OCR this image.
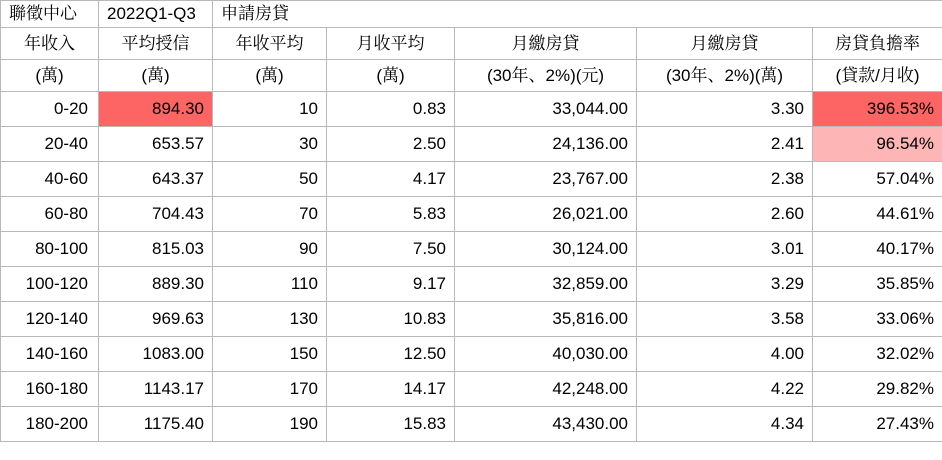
聯徵中心	2022Q1-Q3	申請房貸				
年收入	平均授信	年收平均	月收平均	月繳房貸	月繳房貸	房貸負擔率
(萬)	(萬)	(萬)	(萬)	(30年、2%)(元)	(30年、2%)(萬)	(貸款/月收)
0-20	894.30	10	0.83	33,044.00	3.30	396.53%
20-40	653.57	30	2.50	24,136.00	2.41	96.54%
40-60	643.37	50	4.17	23,767.00	2.38	57.04%
60-80	704.43	70	5.83	26,021.00	2.60	44.61%
80-100	815.03	90	7.50	30,124.00	3.01	40.17%
100-120	889.30	110	9.17	32,859.00	3.29	35.85%
120-140	969.63	130	10.83	35,816.00	3.58	33.06%
140-160	1083.00	150	12.50	40,030.00	4.00	32.02%
160-180	1143.17	170	14.17	42,248.00	4.22	29.82%
180-200	1175.40	190	15.83	43,430.00	4.34	27.43%
